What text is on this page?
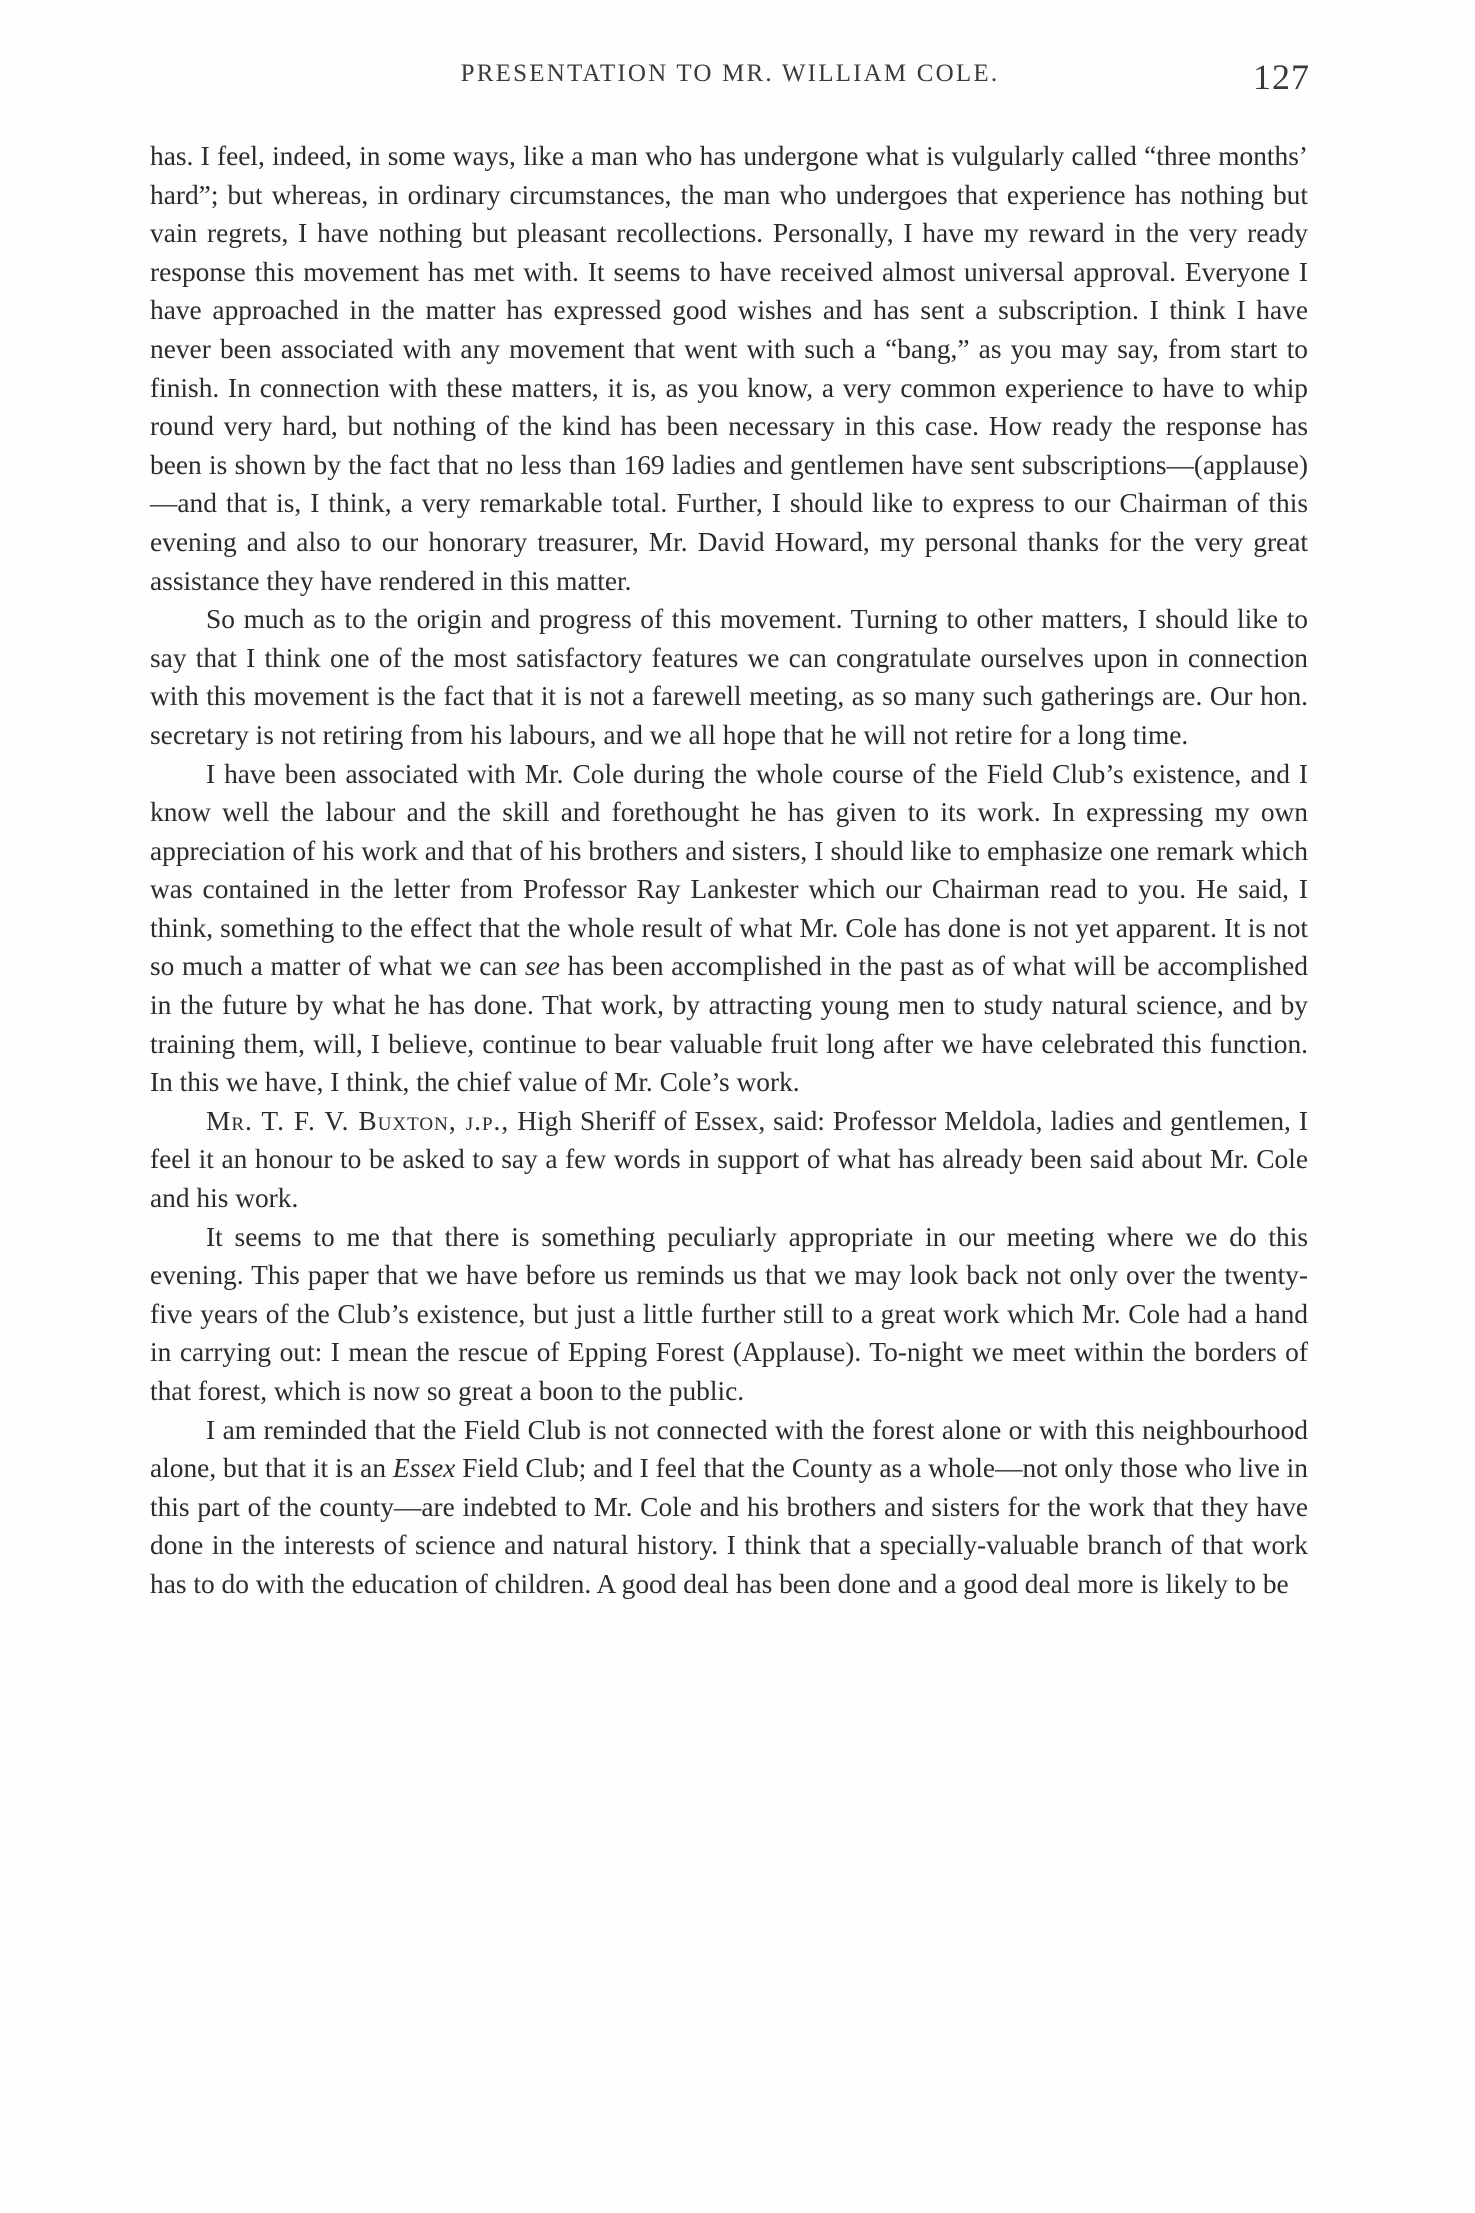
PRESENTATION TO MR. WILLIAM COLE.	127

has. I feel, indeed, in some ways, like a man who has undergone what is vulgularly called “three months’ hard”; but whereas, in ordinary circumstances, the man who undergoes that experience has nothing but vain regrets, I have nothing but pleasant recollections. Personally, I have my reward in the very ready response this movement has met with. It seems to have received almost universal approval. Everyone I have approached in the matter has expressed good wishes and has sent a subscription. I think I have never been associated with any movement that went with such a “bang,” as you may say, from start to finish. In connection with these matters, it is, as you know, a very common experience to have to whip round very hard, but nothing of the kind has been necessary in this case. How ready the response has been is shown by the fact that no less than 169 ladies and gentlemen have sent subscriptions—(applause)—and that is, I think, a very remarkable total. Further, I should like to express to our Chairman of this evening and also to our honorary treasurer, Mr. David Howard, my personal thanks for the very great assistance they have rendered in this matter.

So much as to the origin and progress of this movement. Turning to other matters, I should like to say that I think one of the most satisfactory features we can congratulate ourselves upon in connection with this movement is the fact that it is not a farewell meeting, as so many such gatherings are. Our hon. secretary is not retiring from his labours, and we all hope that he will not retire for a long time.

I have been associated with Mr. Cole during the whole course of the Field Club’s existence, and I know well the labour and the skill and forethought he has given to its work. In expressing my own appreciation of his work and that of his brothers and sisters, I should like to emphasize one remark which was contained in the letter from Professor Ray Lankester which our Chairman read to you. He said, I think, something to the effect that the whole result of what Mr. Cole has done is not yet apparent. It is not so much a matter of what we can see has been accomplished in the past as of what will be accomplished in the future by what he has done. That work, by attracting young men to study natural science, and by training them, will, I believe, continue to bear valuable fruit long after we have celebrated this function. In this we have, I think, the chief value of Mr. Cole’s work.

Mr. T. F. V. Buxton, j.p., High Sheriff of Essex, said: Professor Meldola, ladies and gentlemen, I feel it an honour to be asked to say a few words in support of what has already been said about Mr. Cole and his work.

It seems to me that there is something peculiarly appropriate in our meeting where we do this evening. This paper that we have before us reminds us that we may look back not only over the twenty-five years of the Club’s existence, but just a little further still to a great work which Mr. Cole had a hand in carrying out: I mean the rescue of Epping Forest (Applause). To-night we meet within the borders of that forest, which is now so great a boon to the public.

I am reminded that the Field Club is not connected with the forest alone or with this neighbourhood alone, but that it is an Essex Field Club; and I feel that the County as a whole—not only those who live in this part of the county—are indebted to Mr. Cole and his brothers and sisters for the work that they have done in the interests of science and natural history. I think that a specially-valuable branch of that work has to do with the education of children. A good deal has been done and a good deal more is likely to be
